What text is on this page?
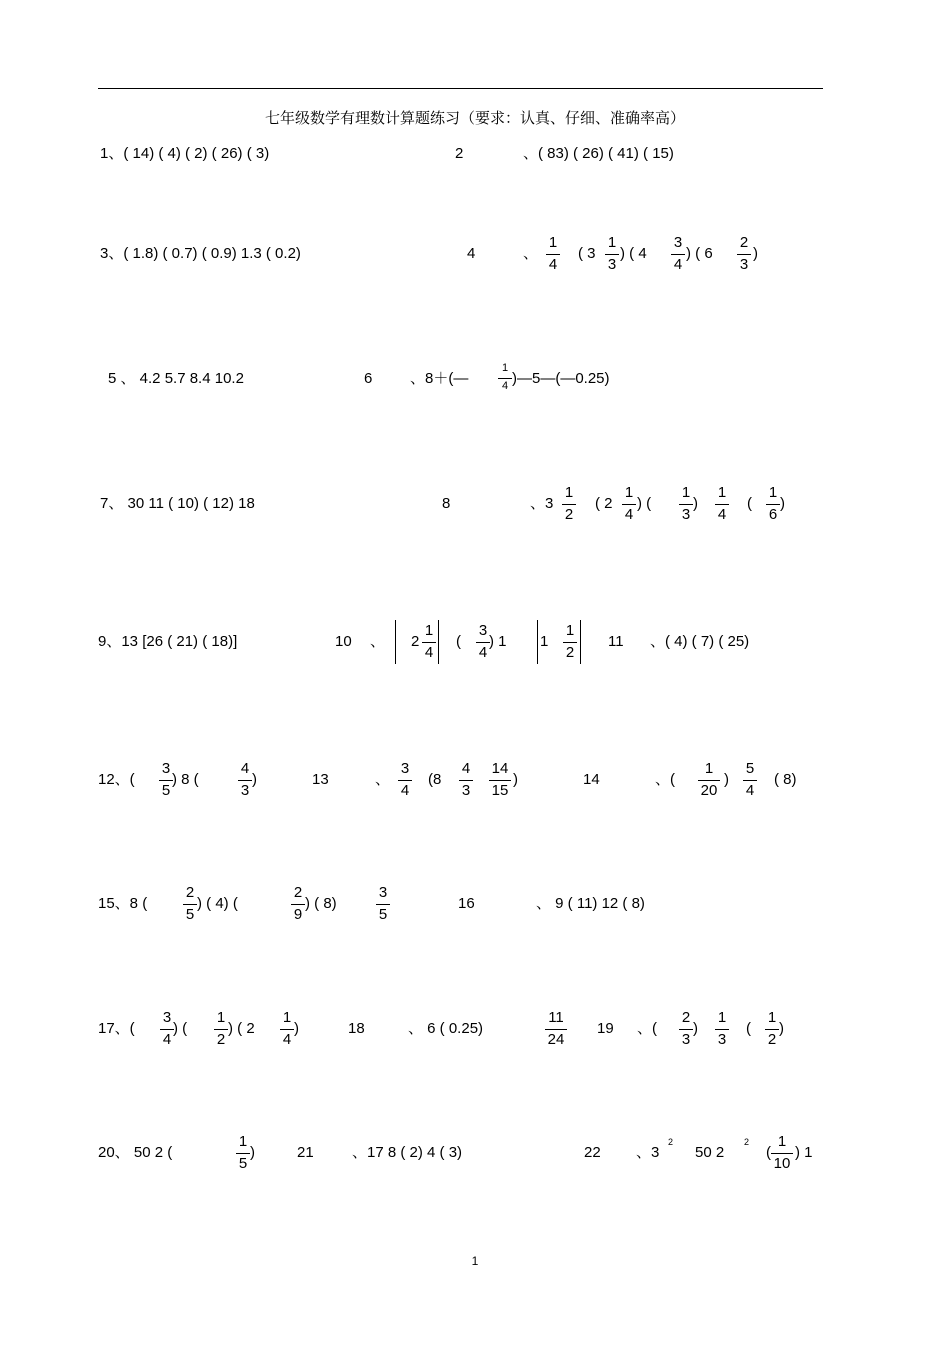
七年级数学有理数计算题练习（要求：认真、仔细、准确率高）
1、( 14) ( 4) ( 2) ( 26) ( 3)	2	、( 83) ( 26) ( 41) ( 15)
3、( 1.8) ( 0.7) ( 0.9) 1.3 ( 0.2)	4	、
1
4
( 3
1
3
) ( 4
3
4
) ( 6
2
3
)
5 、 4.2 5.7 8.4 10.2	6	、8＋(—
1
4 )—5—(—0.25)
7、 30 11 ( 10) ( 12) 18	8	、3
1
2
( 2
1
4
) (
1
3
)
1
4
(
1
6
)
9、13 [26 ( 21) ( 18)]	10 、 2
1
4
(
3
4
) 1 1
1
2
11 、( 4) ( 7) ( 25)
12、(
3
5
) 8 (
4
3
)	13	、
3
4
(8
4
3
14
15
)	14	、(
1
20
)
5
4
( 8)
15、8 (
2
5
) ( 4) (
2
9
) ( 8)
3
5
16	、 9 ( 11) 12 ( 8)
17、(
3
4
) (
1
2
) ( 2
1
4
)	18	、 6 ( 0.25)
11
24
19 、(
2
3
)
1
3
(
1
2
)
20、 50 2 (
1
5
)	21	、17 8 ( 2) 4 ( 3)	22 、3
2
50 2
2
(
1
10
) 1
1
